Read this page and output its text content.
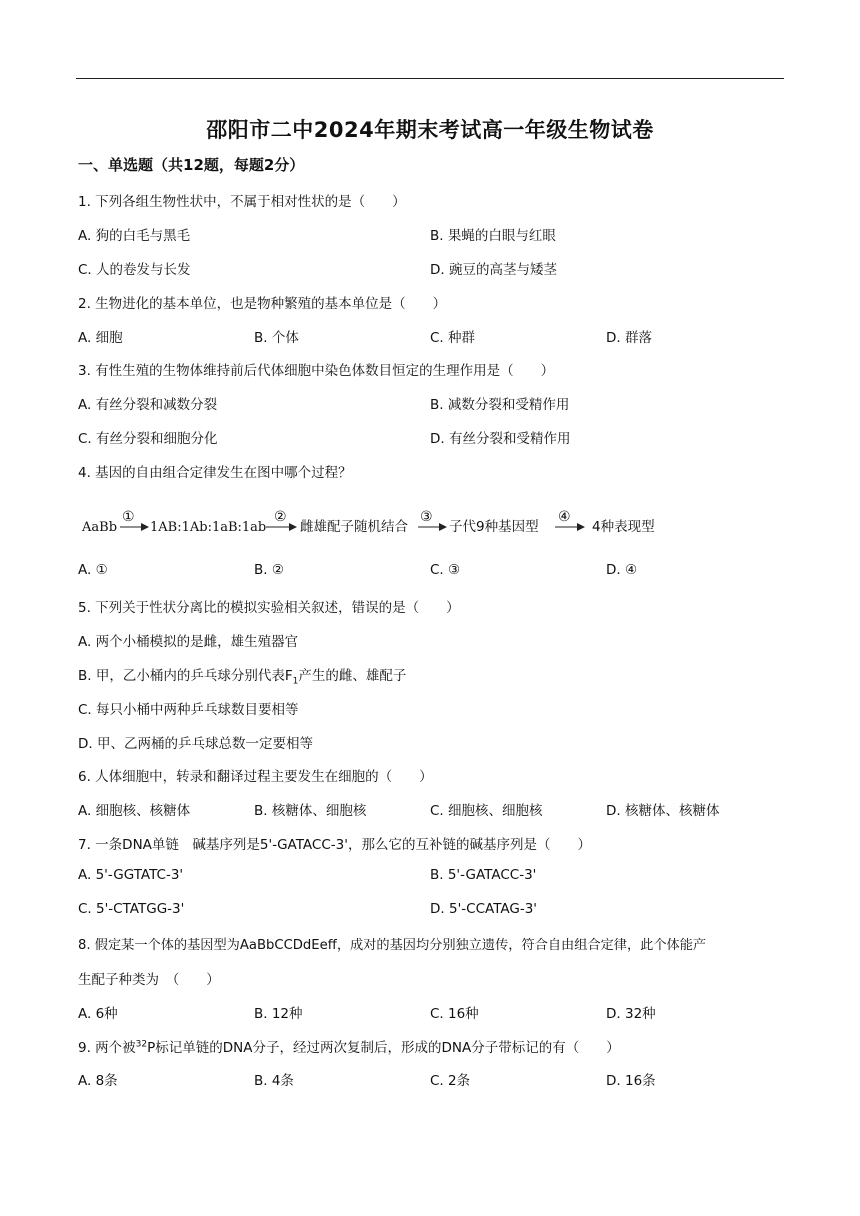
邵阳市二中2024年期末考试高一年级生物试卷
一、单选题（共12题，每题2分）
1. 下列各组生物性状中，不属于相对性状的是（　　）
A. 狗的白毛与黑毛	B. 果蝇的白眼与红眼
C. 人的卷发与长发	D. 豌豆的高茎与矮茎
2. 生物进化的基本单位，也是物种繁殖的基本单位是（　　）
A. 细胞	B. 个体	C. 种群	D. 群落
3. 有性生殖的生物体维持前后代体细胞中染色体数目恒定的生理作用是（　　）
A. 有丝分裂和减数分裂	B. 减数分裂和受精作用
C. 有丝分裂和细胞分化	D. 有丝分裂和受精作用
4. 基因的自由组合定律发生在图中哪个过程？
AaBb
①
1AB:1Ab:1aB:1ab
②
雌雄配子随机结合
③
子代9种基因型
④
4种表现型
A. ①	B. ②	C. ③	D. ④
5. 下列关于性状分离比的模拟实验相关叙述，错误的是（　　）
A. 两个小桶模拟的是雌，雄生殖器官
B. 甲，乙小桶内的乒乓球分别代表$F_1$产生的雌、雄配子
C. 每只小桶中两种乒乓球数目要相等
D. 甲、乙两桶的乒乓球总数一定要相等
6. 人体细胞中，转录和翻译过程主要发生在细胞的（　　）
A. 细胞核、核糖体	B. 核糖体、细胞核	C. 细胞核、细胞核	D. 核糖体、核糖体
7. 一条DNA单链　碱基序列是5'-GATACC-3'，那么它的互补链的碱基序列是（　　）
A. 5'-GGTATC-3'	B. 5'-GATACC-3'
C. 5'-CTATGG-3'	D. 5'-CCATAG-3'
8. 假定某一个体的基因型为AaBbCCDdEeff，成对的基因均分别独立遗传，符合自由组合定律，此个体能产
生配子种类为　（　　）
A. 6种	B. 12种	C. 16种	D. 32种
9. 两个被$^{32}$P标记单链的DNA分子，经过两次复制后，形成的DNA分子带标记的有（　　）
A. 8条	B. 4条	C. 2条	D. 16条
